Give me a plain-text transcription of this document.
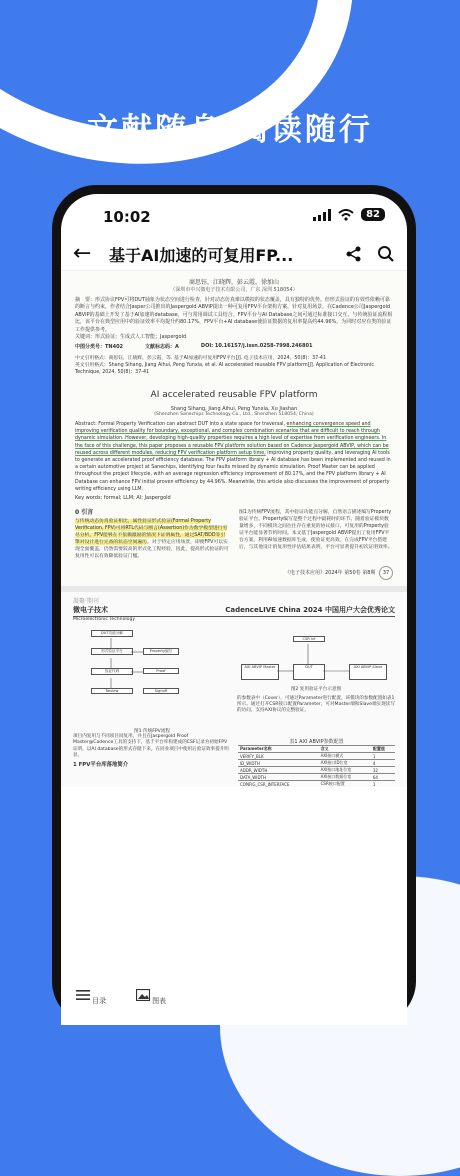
文献随身 阅读随行
10:02	82
← 基于AI加速的可复用FP...
商思钰，江晓辉，彭云霞，徐加山
（深圳市中兴微电子技术有限公司，广东 深圳 518054）
摘　要：形式协议FPV可将DUT抽象为状态空间进行检查，针对动态仿真难以模拟的状态覆盖，具有独特的优势。但形式验证的有效性依赖可靠的断言与约束，作者结合Jasper公司推出的Jaspergold ABVIP提出一种可复用FPV平台架构方案，针对复用场景，在Cadence公司Jaspergold ABVIP的基础上开发了基于AI加速的database，可与常用调试工具结合。FPV平台与AI Database之间可通过标准接口交互。与传统验证流程相比，该平台在典型应用中的验证效率平均提升约80.17%，FPV平台+AI database使验证数据的复用率提高约44.96%。为同时对应有类的验证工作提供参考。
关键词：形式验证；生成式人工智能；Jaspergold
中图分类号：TN402	文献标志码：A	DOI: 10.16157/j.issn.0258-7998.246801
中文引用格式：商思钰，江晓辉，彭云霞，等. 基于AI加速的可复用FPV平台[J]. 电子技术应用，2024，50(8)：37-41
英文引用格式：Shang Sihang, Jiang Aihui, Peng Yunxia, et al. AI accelerated reusable FPV platform[J]. Application of Electronic Technique, 2024, 50(8)：37-41
AI accelerated reusable FPV platform
Shang Sihang, Jiang Aihui, Peng Yunxia, Xu Jiashan
(Shenzhen Sanechips Technology Co., Ltd., Shenzhen 518054, China)
Abstract: Formal Property Verification can abstract DUT into a state space for traversal, enhancing convergence speed and improving verification quality for boundary, exceptional, and complex combination scenarios that are difficult to reach through dynamic simulation. However, developing high-quality properties requires a high level of expertise from verification engineers. In the face of this challenge, this paper proposes a reusable FPV platform solution based on Cadence Jaspergold ABVIP, which can be reused across different modules, reducing FPV verification platform setup time, improving property quality, and leveraging AI tools to generate an accelerated proof efficiency database. The FPV platform library + AI database has been implemented and reused in a certain automotive project at Sanechips, identifying four faults missed by dynamic simulation. Proof Master can be applied throughout the project lifecycle, with an average regression efficiency improvement of 80.17%, and the FPV platform library + AI Database can enhance FPV initial proven efficiency by 44.96%. Meanwhile, this article also discusses the improvement of property writing efficiency using LLM.
Key words: formal; LLM; AI; Jaspergold
0 引言
与传统动态仿真验证相比，属性验证形式验证(Formal Property Verification, FPV)可将RTL代码与断言(Assertion)作为数学模型进行穷尽分析，FPV能够在不依赖激励的情况下证明属性，通过SAT/BDD等引擎对设计进行完备的状态空间遍历。对于特定应用场景，即便FPV可以实现全面覆盖，仍然需要较高的形式化工程经验，因此，提高形式验证的可复用性可以有效降低验证门槛。
图1为传统FPV流程，其中验证功能点分解，自然语言描述编写Property验证平台，Property编写是整个过程中最耗时的环节。随着验证模块数量增多，不同模块之间往往存在重复的协议接口，可复用的Property验证平台能显著节约时间。本文基于Jaspergold ABVIP提出了复用FPV平台方案，利用AI加速数据库生成，使验证更高效。在完成FPV平台搭建后，与其他设计的复用性评估结果表明，平台可显著提升初次证明效率。
《电子技术应用》2024年 第50卷 第8期 37
凝聚·期刊
微电子技术	CadenceLIVE China 2024 中国用户大会优秀论文
Microelectronic Technology
DUT功能分解
形式验证平台	Property编写
验证代码	Proof
Review	Signoff
图1 传统FPV流程
AXI ABVIP Master
CSR Inf
AXI ABVIP Slave
DUT
图2 复用验证平台示意图
的参数表中（Cover），可通过Parameter进行配置，该模块的参数配置如表1所示。通过打开CSR接口配置Parameter，可对Master端和Slave端实现读写的访问，支持AXI协议的完整验证。
项目内复用与不同项目间复用，并且在Jaspergold Proof Master@Cadence工具的支持下，基于平台库构建成的CSF记录为初始FPV证明，以AI database的形式存储下来。在同业项目中使用后验证效率提升明显。
1 FPV平台库落地简介
表1 AXI ABVIP参数配置
Parameter名称	含义	配置值
VERIFY_BLK	AXI接口模式	1
ID_WIDTH	AXI接口ID位宽	4
ADDR_WIDTH	AXI接口地址位宽	32
DATA_WIDTH	AXI接口数据位宽	64
CONFIG_CSR_INTERFACE	CSR接口配置	1
目录	图表
